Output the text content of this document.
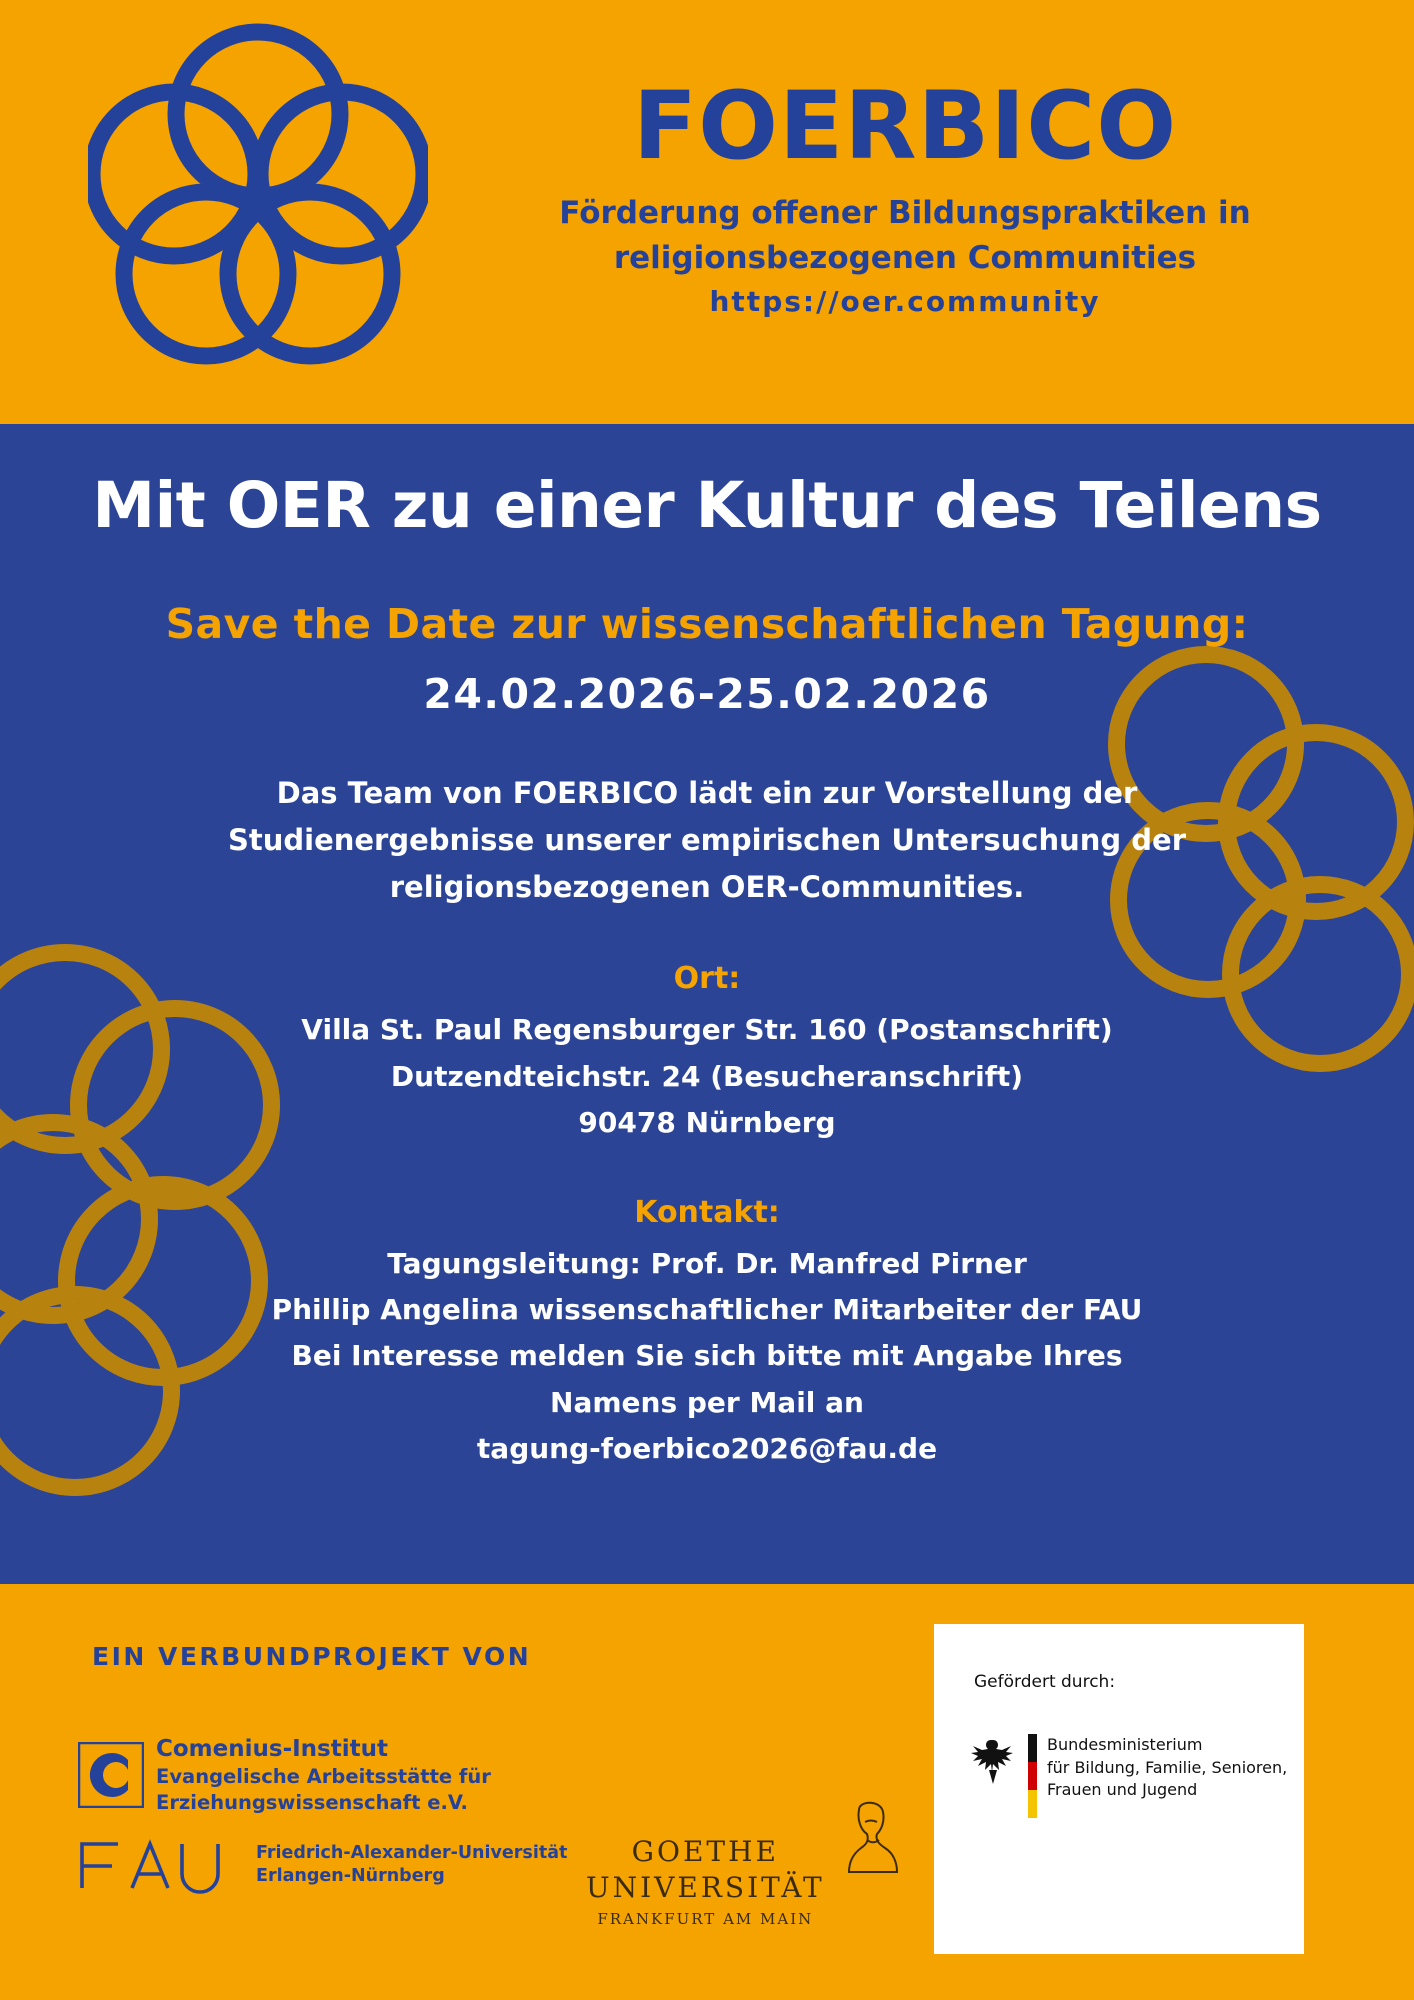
FOERBICO
Förderung offener Bildungspraktiken in
religionsbezogenen Communities
https://oer.community
Mit OER zu einer Kultur des Teilens
Save the Date zur wissenschaftlichen Tagung:
24.02.2026-25.02.2026
Das Team von FOERBICO lädt ein zur Vorstellung der
Studienergebnisse unserer empirischen Untersuchung der
religionsbezogenen OER-Communities.
Ort:
Villa St. Paul Regensburger Str. 160 (Postanschrift)
Dutzendteichstr. 24 (Besucheranschrift)
90478 Nürnberg
Kontakt:
Tagungsleitung: Prof. Dr. Manfred Pirner
Phillip Angelina wissenschaftlicher Mitarbeiter der FAU
Bei Interesse melden Sie sich bitte mit Angabe Ihres
Namens per Mail an
tagung-foerbico2026@fau.de
EIN VERBUNDPROJEKT VON
Comenius-Institut
Evangelische Arbeitsstätte für
Erziehungswissenschaft e.V.
Friedrich-Alexander-Universität
Erlangen-Nürnberg
GOETHE
UNIVERSITÄT
FRANKFURT AM MAIN
Gefördert durch:
Bundesministerium
für Bildung, Familie, Senioren,
Frauen und Jugend
